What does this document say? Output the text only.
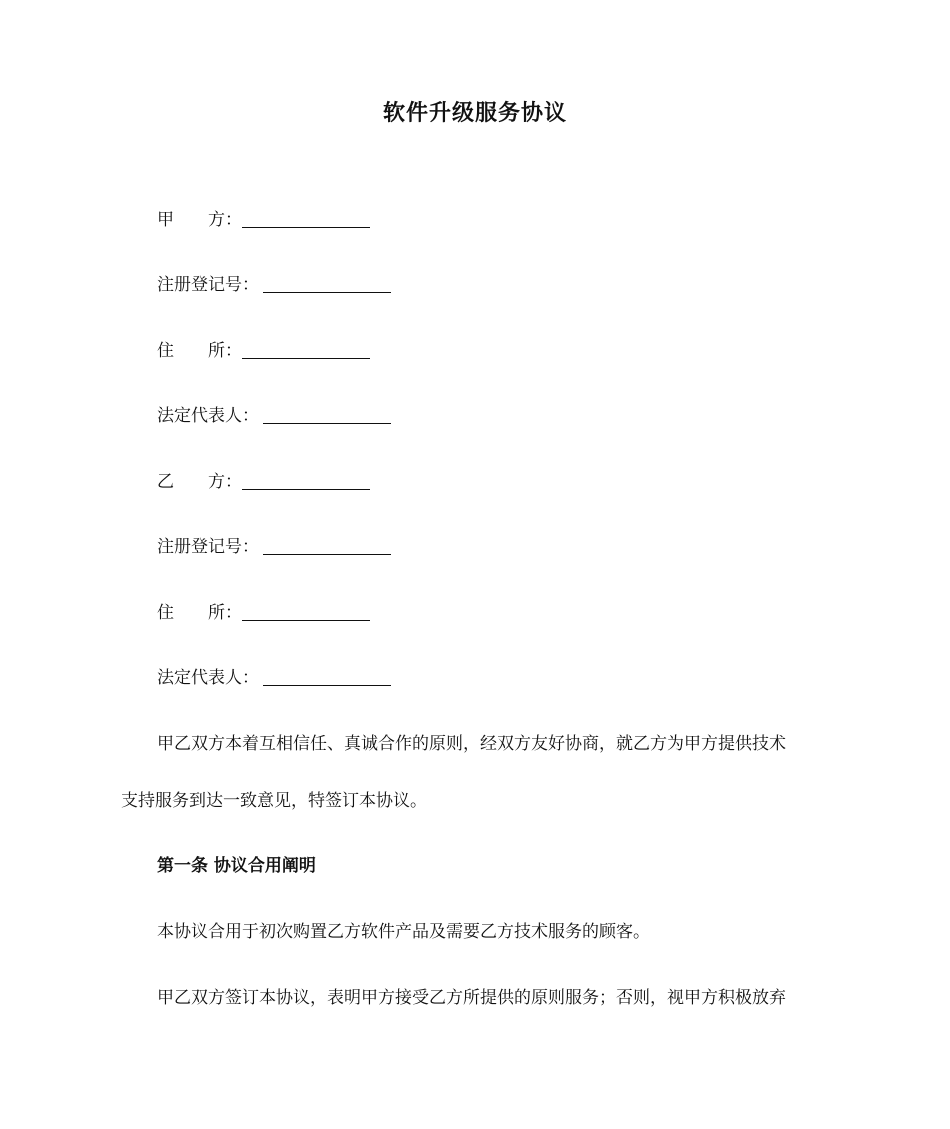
软件升级服务协议
甲　　方：
注册登记号：
住　　所：
法定代表人：
乙　　方：
注册登记号：
住　　所：
法定代表人：
甲乙双方本着互相信任、真诚合作的原则，经双方友好协商，就乙方为甲方提供技术
支持服务到达一致意见，特签订本协议。
第一条 协议合用阐明
本协议合用于初次购置乙方软件产品及需要乙方技术服务的顾客。
甲乙双方签订本协议，表明甲方接受乙方所提供的原则服务；否则，视甲方积极放弃
